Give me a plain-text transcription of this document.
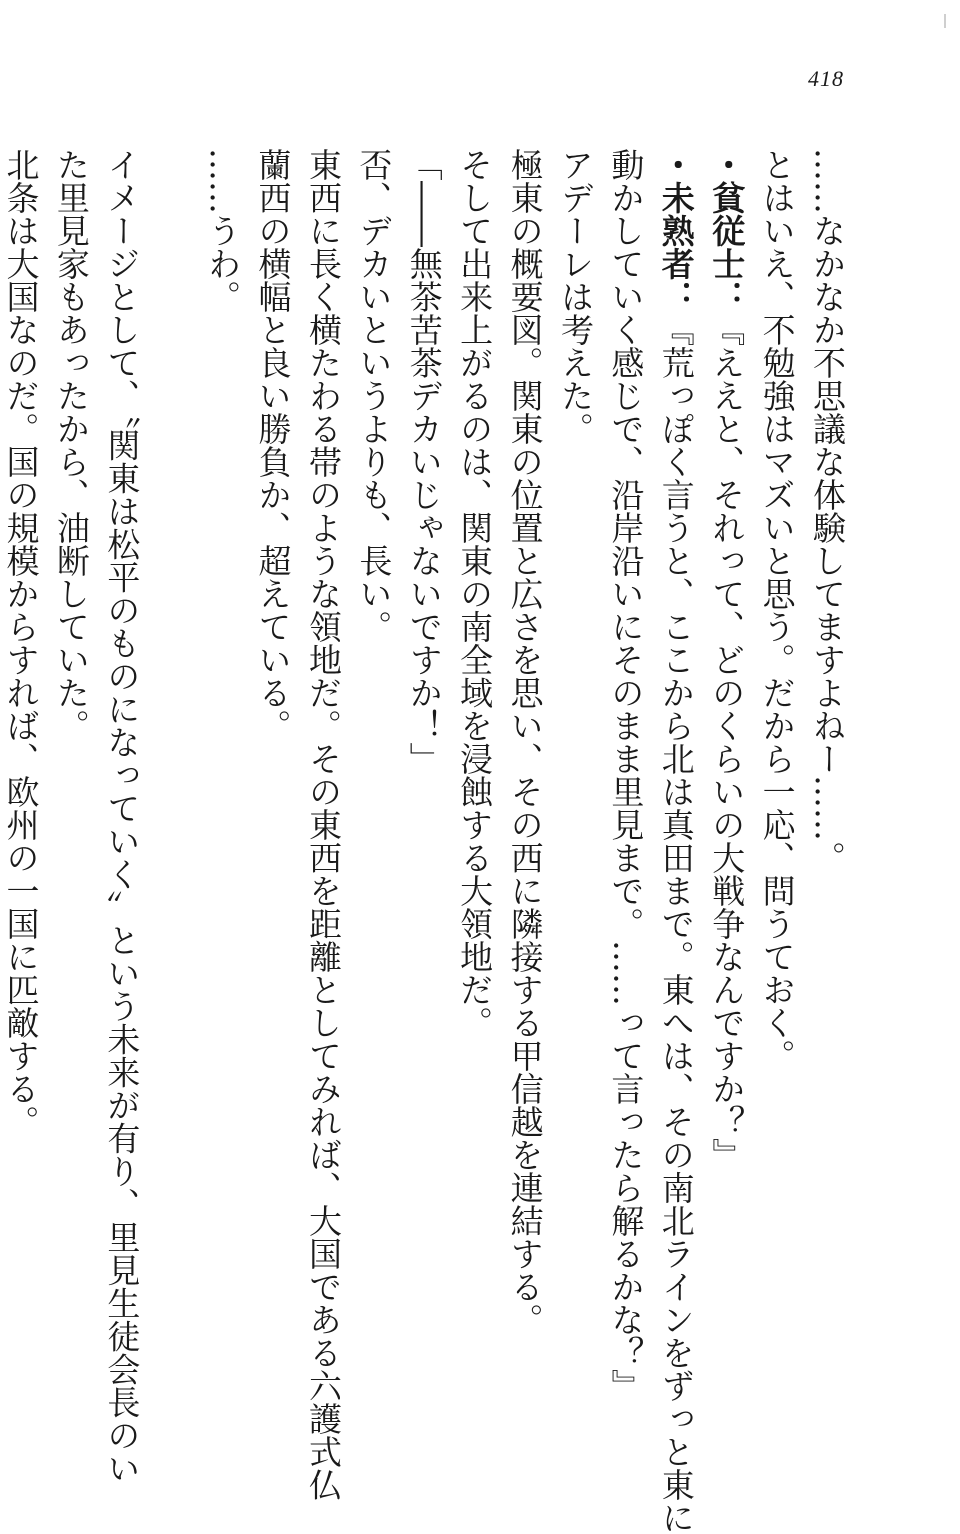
418
……なかなか不思議な体験してますよねー……。
とはいえ、不勉強はマズいと思う。だから一応、問うておく。
・貧従士：『ええと、それって、どのくらいの大戦争なんですか？』
・未熟者：『荒っぽく言うと、ここから北は真田まで。東へは、その南北ラインをずっと東に
動かしていく感じで、沿岸沿いにそのまま里見まで。……って言ったら解るかな？』
アデーレは考えた。
極東の概要図。関東の位置と広さを思い、その西に隣接する甲信越を連結する。
そして出来上がるのは、関東の南全域を浸蝕する大領地だ。
「――無茶苦茶デカいじゃないですか！」
否、デカいというよりも、長い。
東西に長く横たわる帯のような領地だ。その東西を距離としてみれば、大国である六護式仏
蘭西の横幅と良い勝負か、超えている。
……うわ。
イメージとして、〝関東は松平のものになっていく〟という未来が有り、里見生徒会長のい
た里見家もあったから、油断していた。
北条は大国なのだ。国の規模からすれば、欧州の一国に匹敵する。
